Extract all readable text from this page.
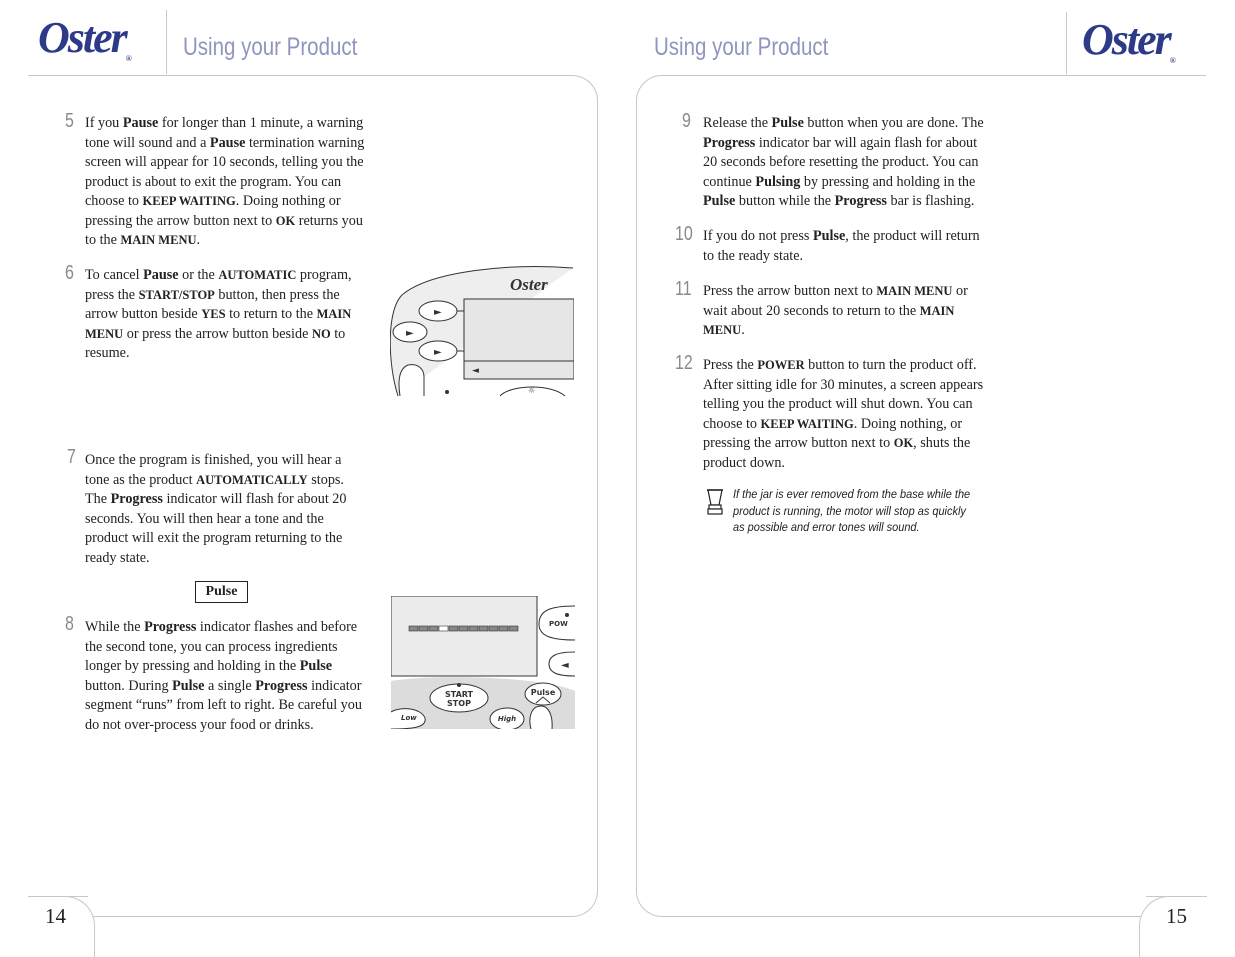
Oster® Using your Product	Using your Product	Oster®
14	15
5 If you Pause for longer than 1 minute, a warning
tone will sound and a Pause termination warning
screen will appear for 10 seconds, telling you the
product is about to exit the program. You can
choose to KEEP WAITING. Doing nothing or
pressing the arrow button next to OK returns you
to the MAIN MENU.
6 To cancel Pause or the AUTOMATIC program,
press the START/STOP button, then press the
arrow button beside YES to return to the MAIN
MENU or press the arrow button beside NO to
resume.
◄
Oster
►
►
►
☼
7 Once the program is finished, you will hear a
tone as the product AUTOMATICALLY stops.
The Progress indicator will flash for about 20
seconds. You will then hear a tone and the
product will exit the program returning to the
ready state.
Pulse
8 While the Progress indicator flashes and before
the second tone, you can process ingredients
longer by pressing and holding in the Pulse
button. During Pulse a single Progress indicator
segment “runs” from left to right. Be careful you
do not over-process your food or drinks.
POW
◄
START
STOP
Pulse
Low	High
9 Release the Pulse button when you are done. The
Progress indicator bar will again flash for about
20 seconds before resetting the product. You can
continue Pulsing by pressing and holding in the
Pulse button while the Progress bar is flashing.
10 If you do not press Pulse, the product will return
to the ready state.
11 Press the arrow button next to MAIN MENU or
wait about 20 seconds to return to the MAIN
MENU.
12 Press the POWER button to turn the product off.
After sitting idle for 30 minutes, a screen appears
telling you the product will shut down. You can
choose to KEEP WAITING. Doing nothing, or
pressing the arrow button next to OK, shuts the
product down.
If the jar is ever removed from the base while the
product is running, the motor will stop as quickly
as possible and error tones will sound.
